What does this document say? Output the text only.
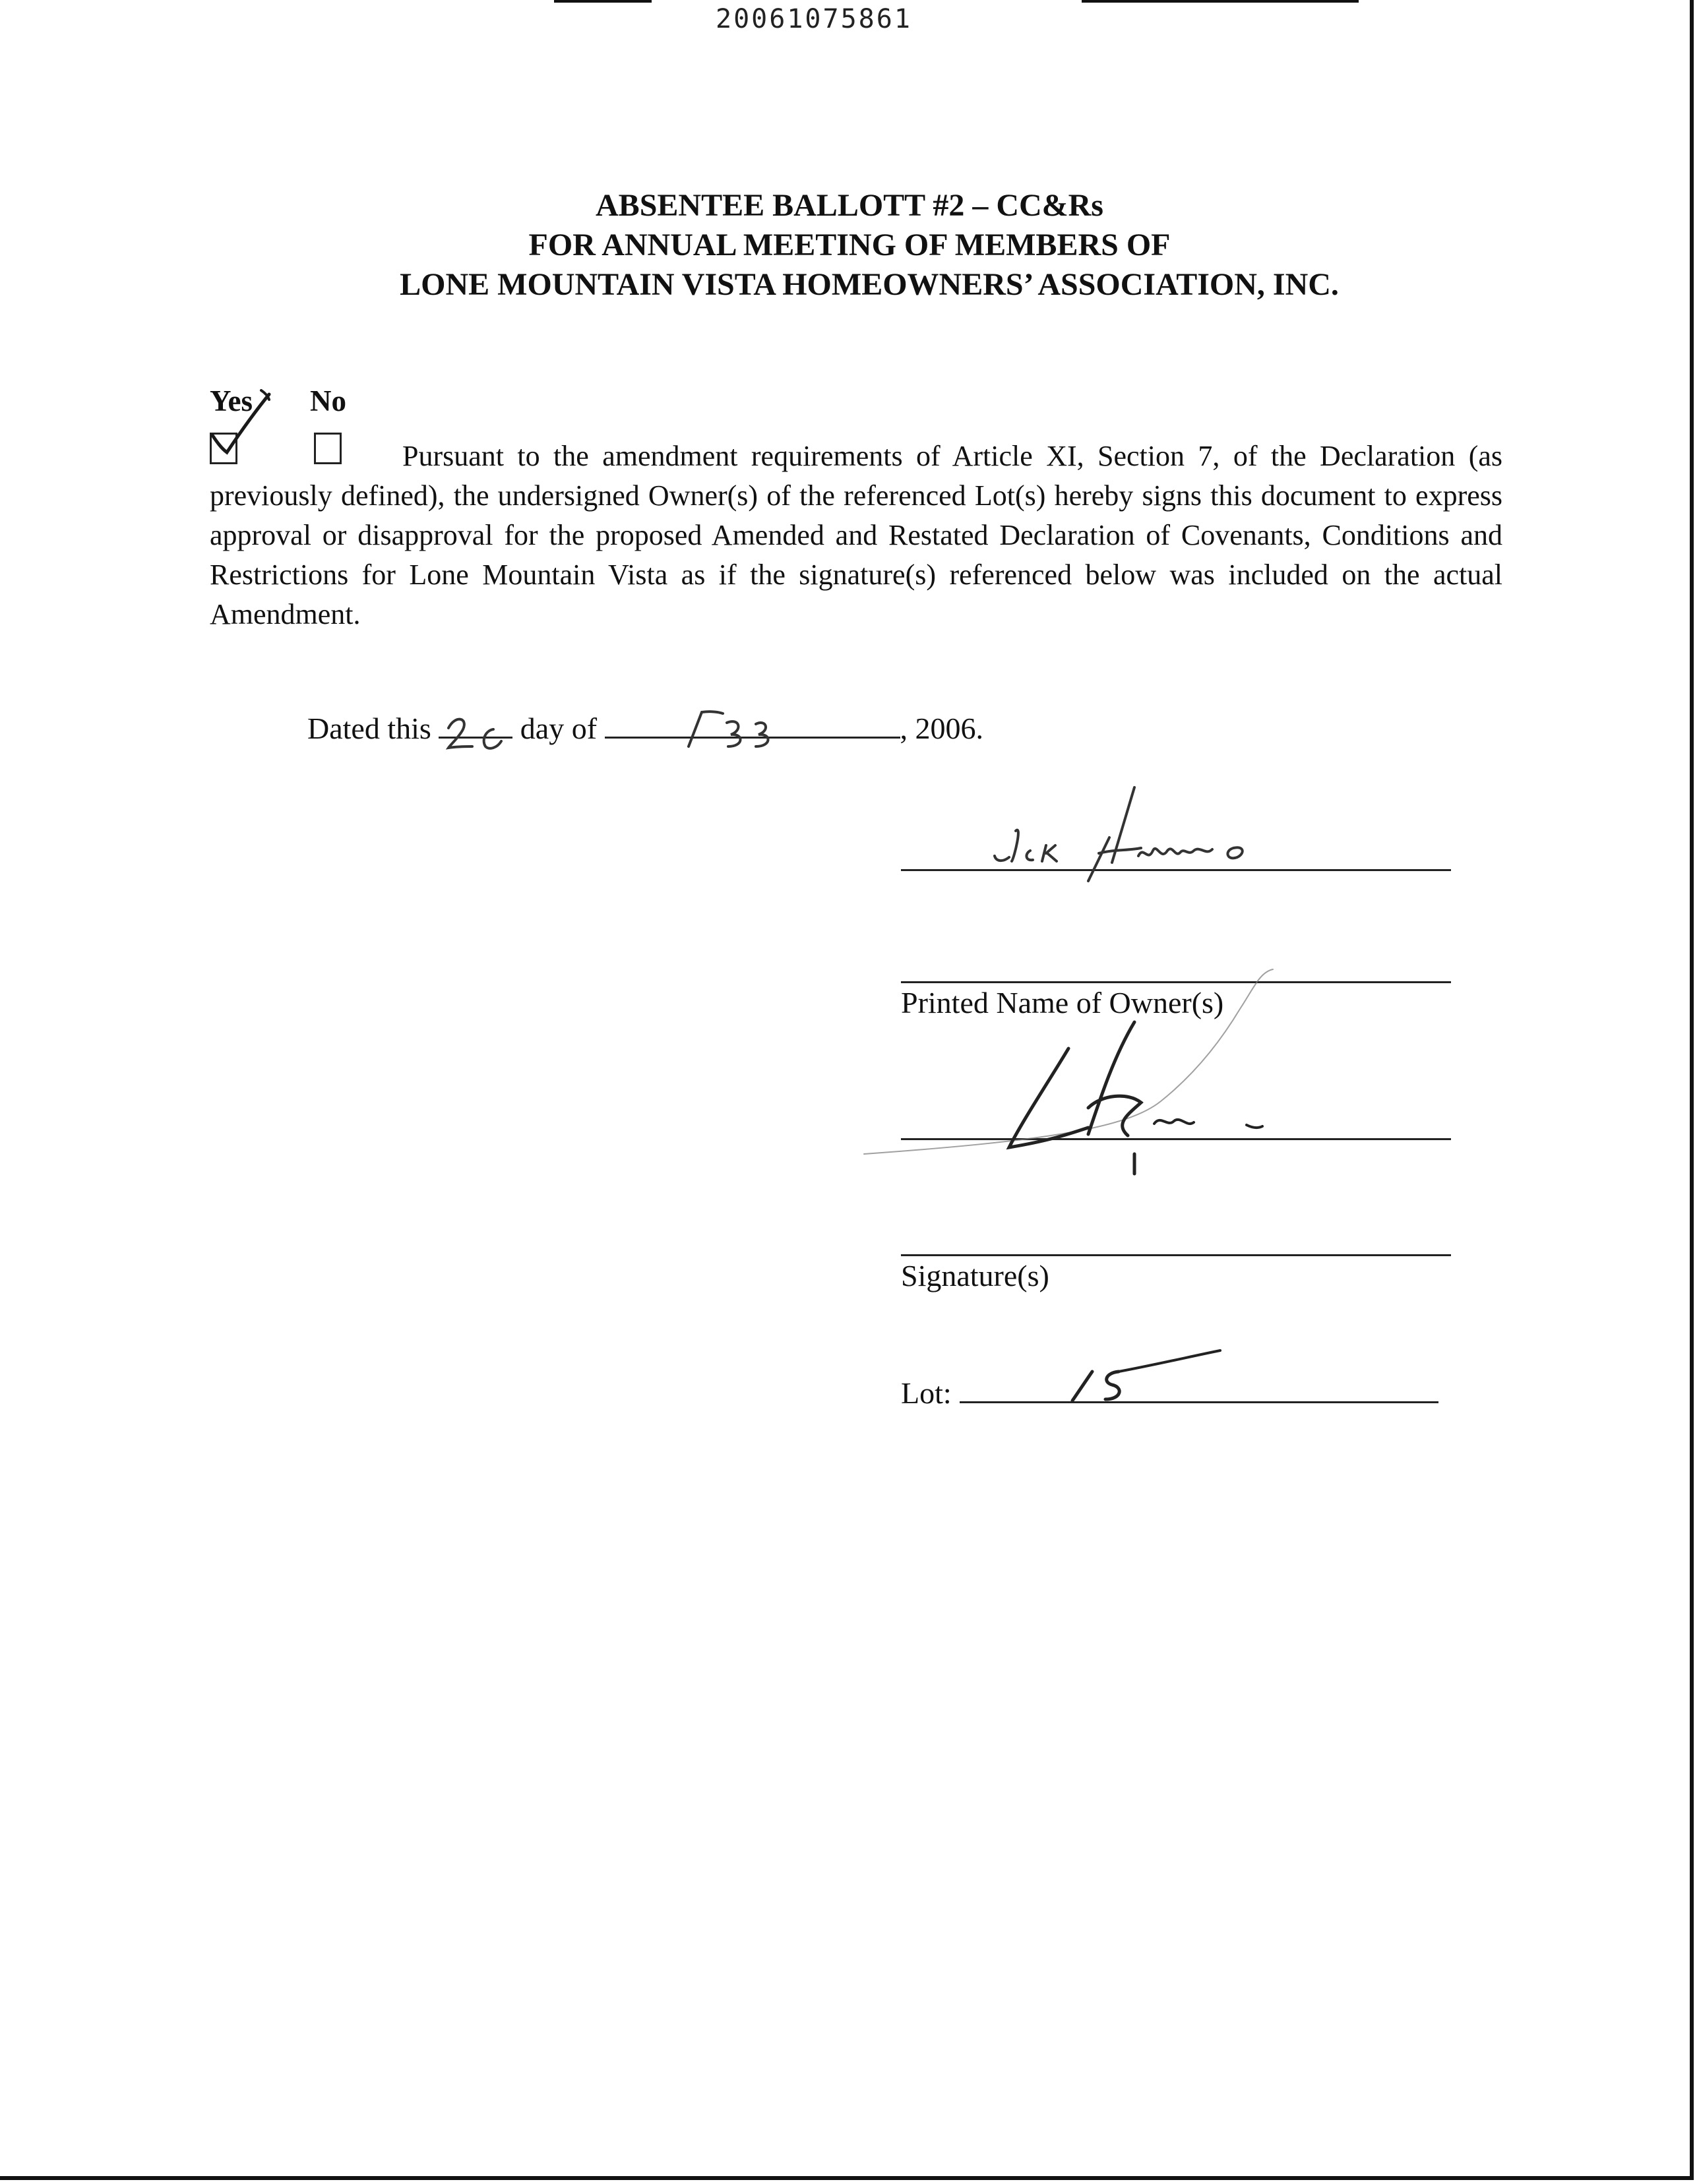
20061075861
ABSENTEE BALLOTT #2 – CC&Rs
FOR ANNUAL MEETING OF MEMBERS OF
LONE MOUNTAIN VISTA HOMEOWNERS’ ASSOCIATION, INC.
Yes No
Pursuant to the amendment requirements of Article XI, Section 7, of the Declaration (as previously defined), the undersigned Owner(s) of the referenced Lot(s) hereby signs this document to express approval or disapproval for the proposed Amended and Restated Declaration of Covenants, Conditions and Restrictions for Lone Mountain Vista as if the signature(s) referenced below was included on the actual Amendment.
Dated this	day of	, 2006.
Printed Name of Owner(s)
Signature(s)
Lot:
